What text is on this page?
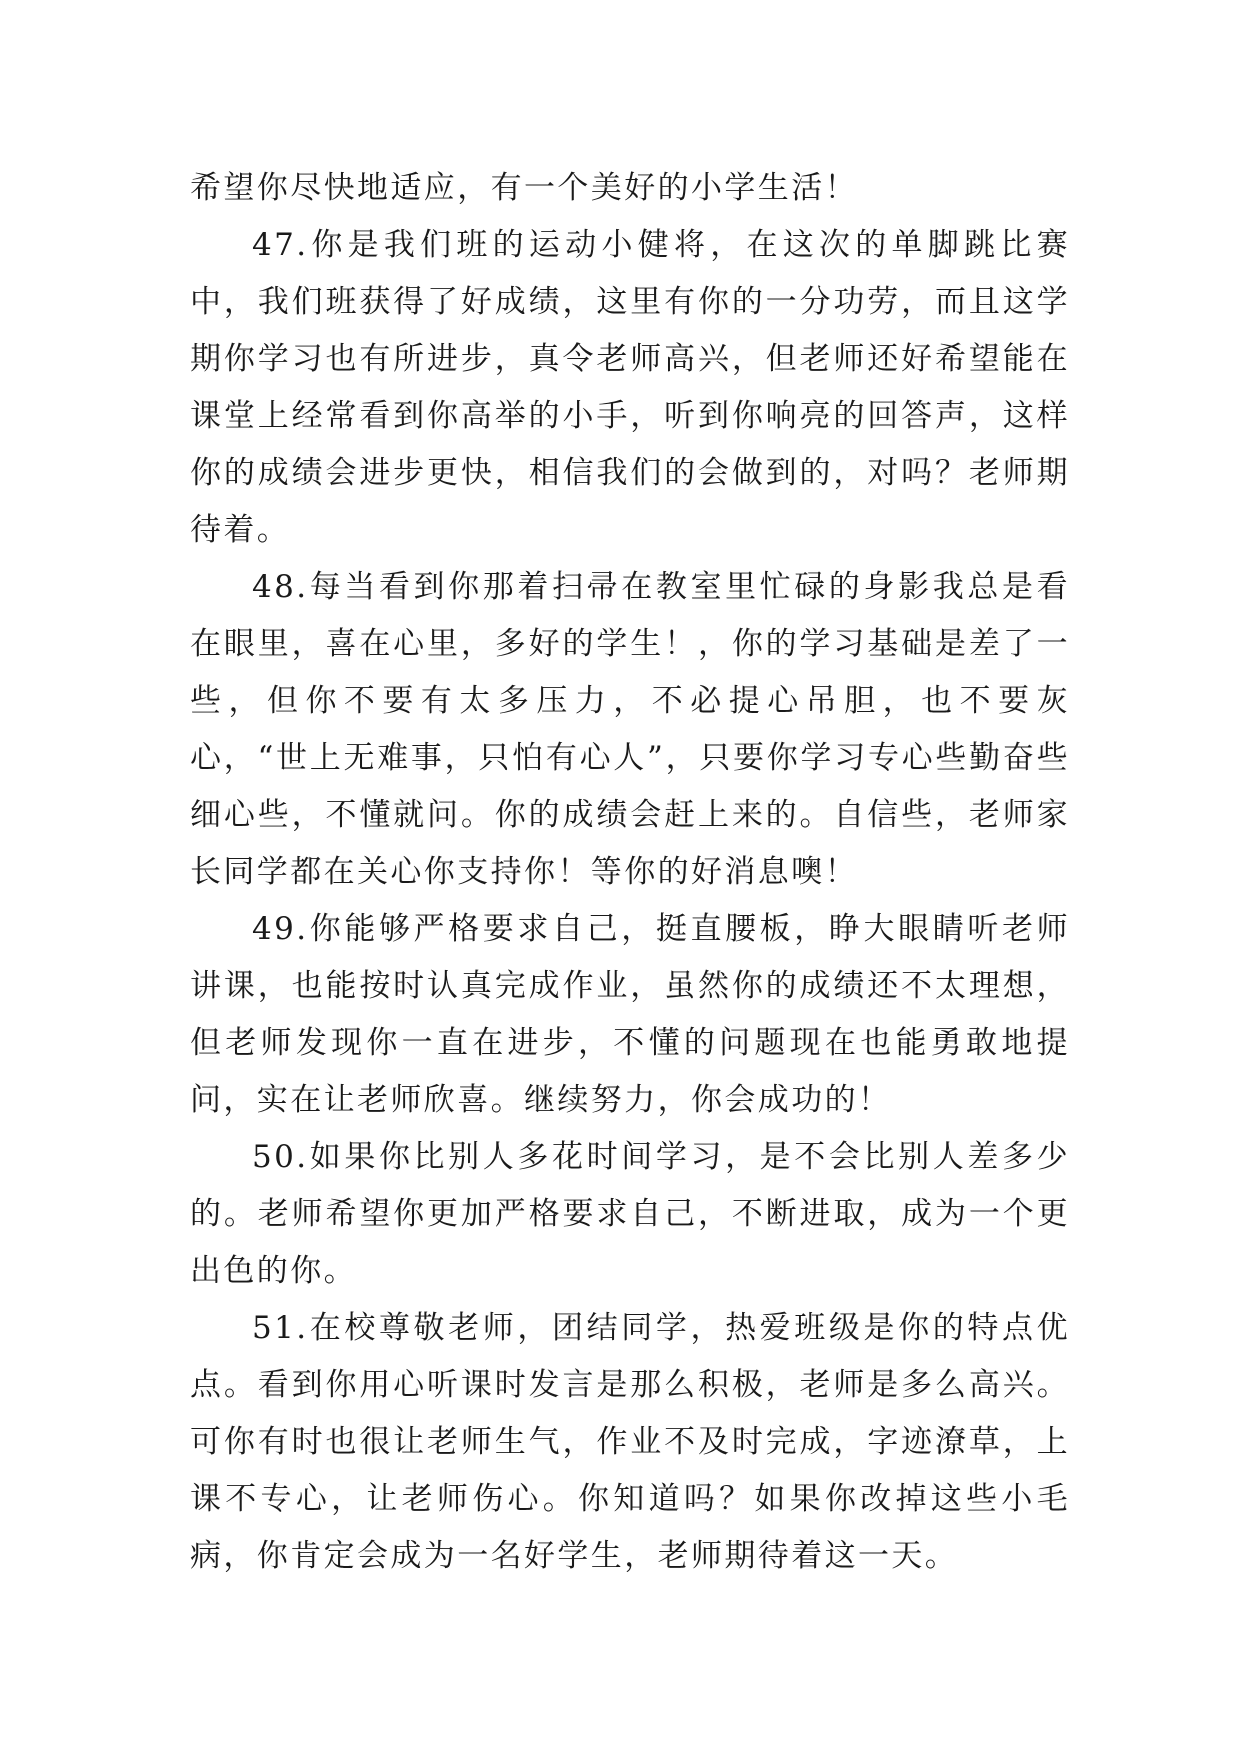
希望你尽快地适应，有一个美好的小学生活！

47.你是我们班的运动小健将，在这次的单脚跳比赛中，我们班获得了好成绩，这里有你的一分功劳，而且这学期你学习也有所进步，真令老师高兴，但老师还好希望能在课堂上经常看到你高举的小手，听到你响亮的回答声，这样你的成绩会进步更快，相信我们的会做到的，对吗？老师期待着。

48.每当看到你那着扫帚在教室里忙碌的身影我总是看在眼里，喜在心里，多好的学生！，你的学习基础是差了一些，但你不要有太多压力，不必提心吊胆，也不要灰心，“世上无难事，只怕有心人”，只要你学习专心些勤奋些细心些，不懂就问。你的成绩会赶上来的。自信些，老师家长同学都在关心你支持你！等你的好消息噢！

49.你能够严格要求自己，挺直腰板，睁大眼睛听老师讲课，也能按时认真完成作业，虽然你的成绩还不太理想，但老师发现你一直在进步，不懂的问题现在也能勇敢地提问，实在让老师欣喜。继续努力，你会成功的！

50.如果你比别人多花时间学习，是不会比别人差多少的。老师希望你更加严格要求自己，不断进取，成为一个更出色的你。

51.在校尊敬老师，团结同学，热爱班级是你的特点优点。看到你用心听课时发言是那么积极，老师是多么高兴。可你有时也很让老师生气，作业不及时完成，字迹潦草，上课不专心，让老师伤心。你知道吗？如果你改掉这些小毛病，你肯定会成为一名好学生，老师期待着这一天。
